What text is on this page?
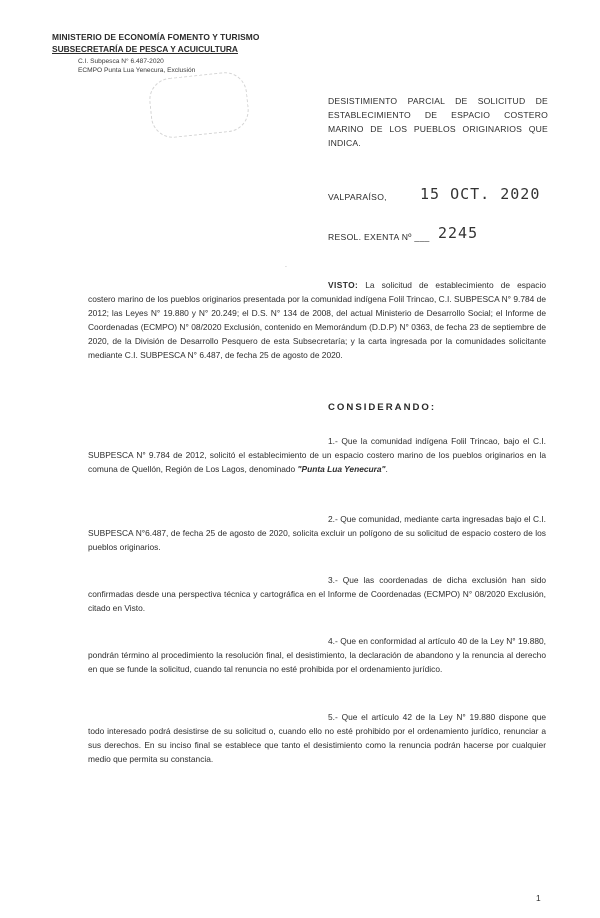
MINISTERIO DE ECONOMÍA FOMENTO Y TURISMO
SUBSECRETARÍA DE PESCA Y ACUICULTURA
C.I. Subpesca N° 6.487-2020
ECMPO Punta Lua Yenecura, Exclusión
DESISTIMIENTO PARCIAL DE SOLICITUD DE ESTABLECIMIENTO DE ESPACIO COSTERO MARINO DE LOS PUEBLOS ORIGINARIOS QUE INDICA.
VALPARAÍSO, 15 OCT. 2020
RESOL. EXENTA Nº ___ 2245
˙
VISTO: La solicitud de establecimiento de espacio costero marino de los pueblos originarios presentada por la comunidad indígena Folil Trincao, C.I. SUBPESCA N° 9.784 de 2012; las Leyes N° 19.880 y N° 20.249; el D.S. N° 134 de 2008, del actual Ministerio de Desarrollo Social; el Informe de Coordenadas (ECMPO) N° 08/2020 Exclusión, contenido en Memorándum (D.D.P) N° 0363, de fecha 23 de septiembre de 2020, de la División de Desarrollo Pesquero de esta Subsecretaría; y la carta ingresada por la comunidades solicitante mediante C.I. SUBPESCA N° 6.487, de fecha 25 de agosto de 2020.
CONSIDERANDO:
1.- Que la comunidad indígena Folil Trincao, bajo el C.I. SUBPESCA N° 9.784 de 2012, solicitó el establecimiento de un espacio costero marino de los pueblos originarios en la comuna de Quellón, Región de Los Lagos, denominado "Punta Lua Yenecura".
2.- Que comunidad, mediante carta ingresadas bajo el C.I. SUBPESCA N°6.487, de fecha 25 de agosto de 2020, solicita excluir un polígono de su solicitud de espacio costero de los pueblos originarios.
3.- Que las coordenadas de dicha exclusión han sido confirmadas desde una perspectiva técnica y cartográfica en el Informe de Coordenadas (ECMPO) N° 08/2020 Exclusión, citado en Visto.
4.- Que en conformidad al artículo 40 de la Ley N° 19.880, pondrán término al procedimiento la resolución final, el desistimiento, la declaración de abandono y la renuncia al derecho en que se funde la solicitud, cuando tal renuncia no esté prohibida por el ordenamiento jurídico.
5.- Que el artículo 42 de la Ley N° 19.880 dispone que todo interesado podrá desistirse de su solicitud o, cuando ello no esté prohibido por el ordenamiento jurídico, renunciar a sus derechos. En su inciso final se establece que tanto el desistimiento como la renuncia podrán hacerse por cualquier medio que permita su constancia.
1
